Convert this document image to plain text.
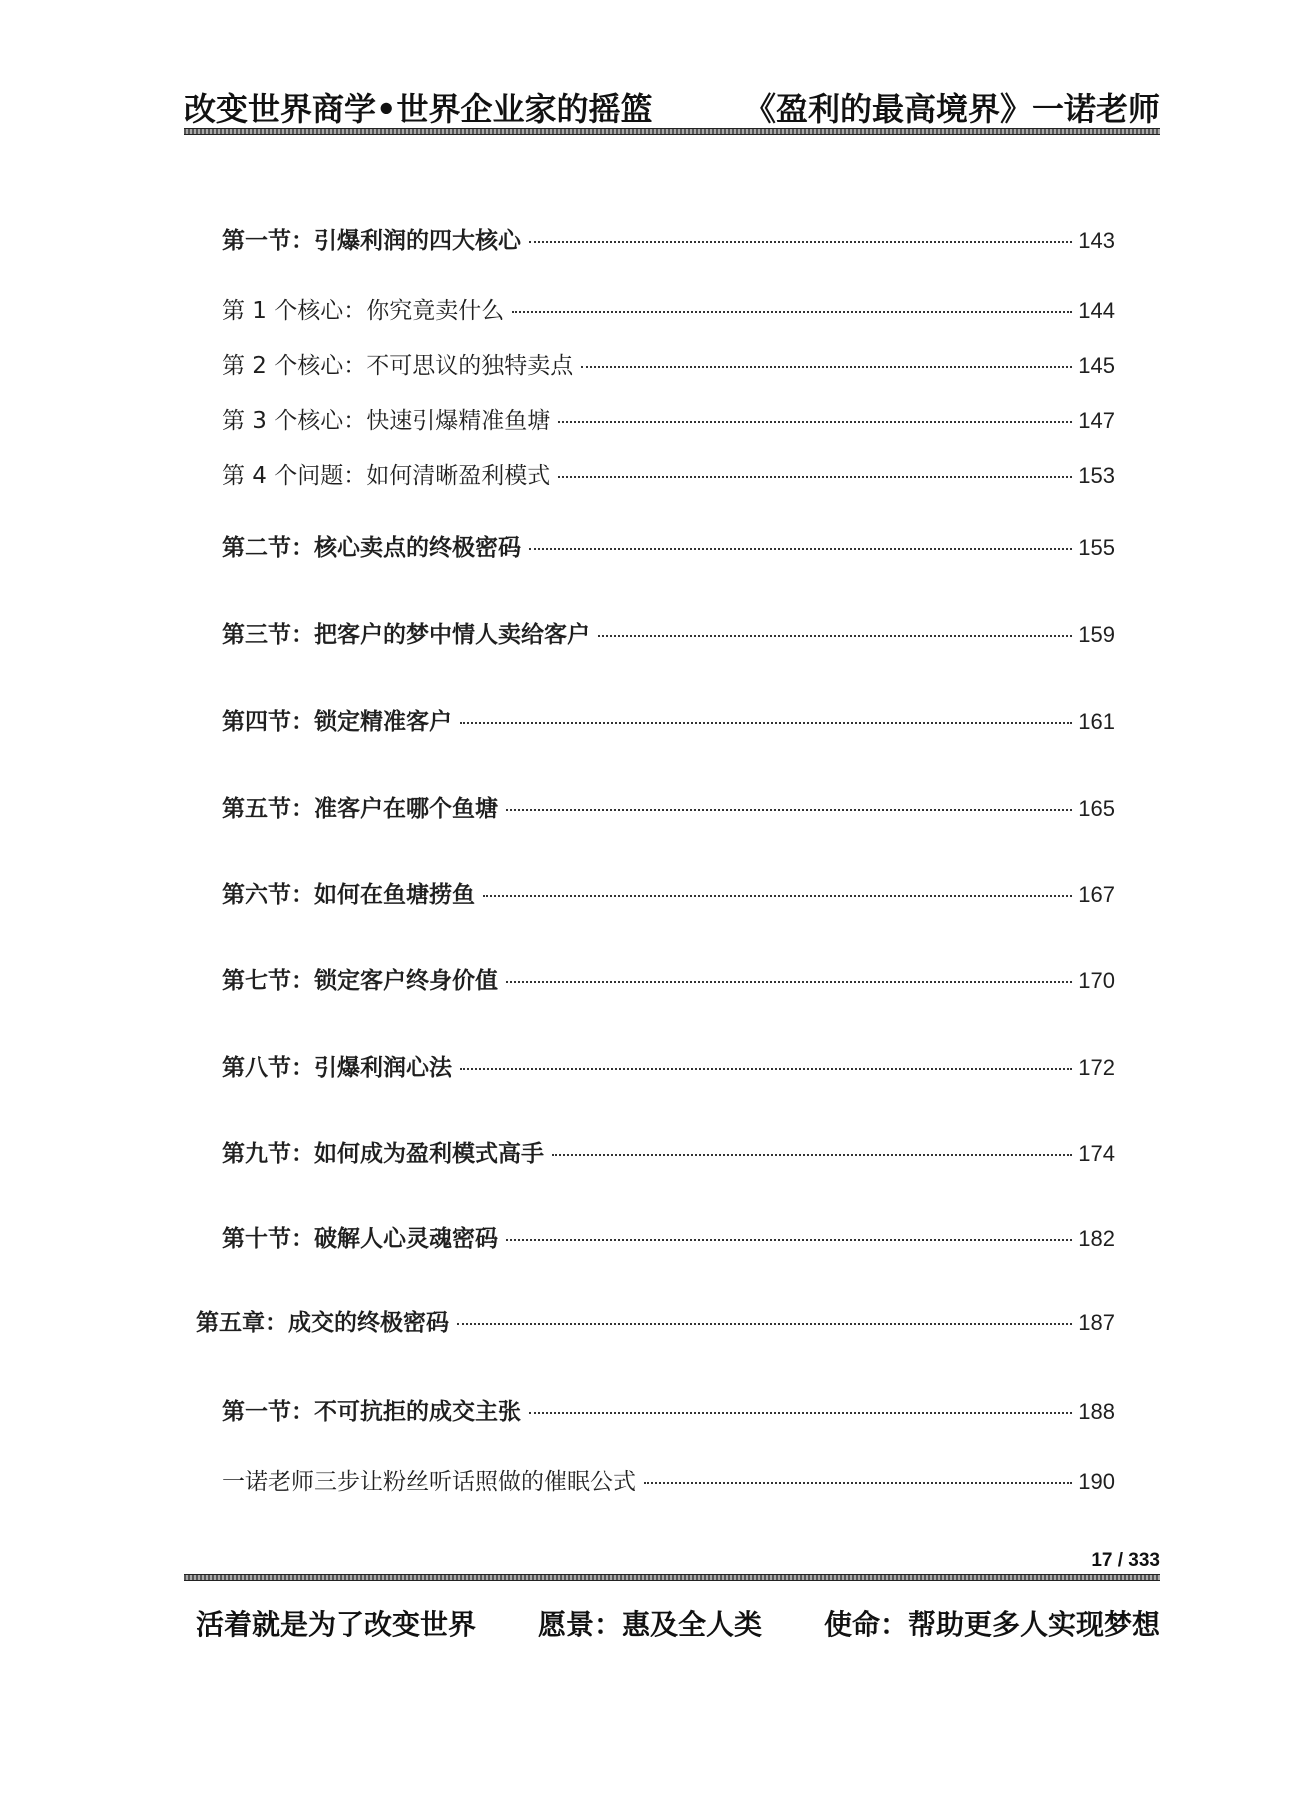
改变世界商学•世界企业家的摇篮	《盈利的最高境界》一诺老师
第一节：引爆利润的四大核心	143
第 1 个核心：你究竟卖什么	144
第 2 个核心：不可思议的独特卖点	145
第 3 个核心：快速引爆精准鱼塘	147
第 4 个问题：如何清晰盈利模式	153
第二节：核心卖点的终极密码	155
第三节：把客户的梦中情人卖给客户	159
第四节：锁定精准客户	161
第五节：准客户在哪个鱼塘	165
第六节：如何在鱼塘捞鱼	167
第七节：锁定客户终身价值	170
第八节：引爆利润心法	172
第九节：如何成为盈利模式高手	174
第十节：破解人心灵魂密码	182
第五章：成交的终极密码	187
第一节：不可抗拒的成交主张	188
一诺老师三步让粉丝听话照做的催眠公式	190
17 / 333
活着就是为了改变世界 愿景：惠及全人类 使命：帮助更多人实现梦想
